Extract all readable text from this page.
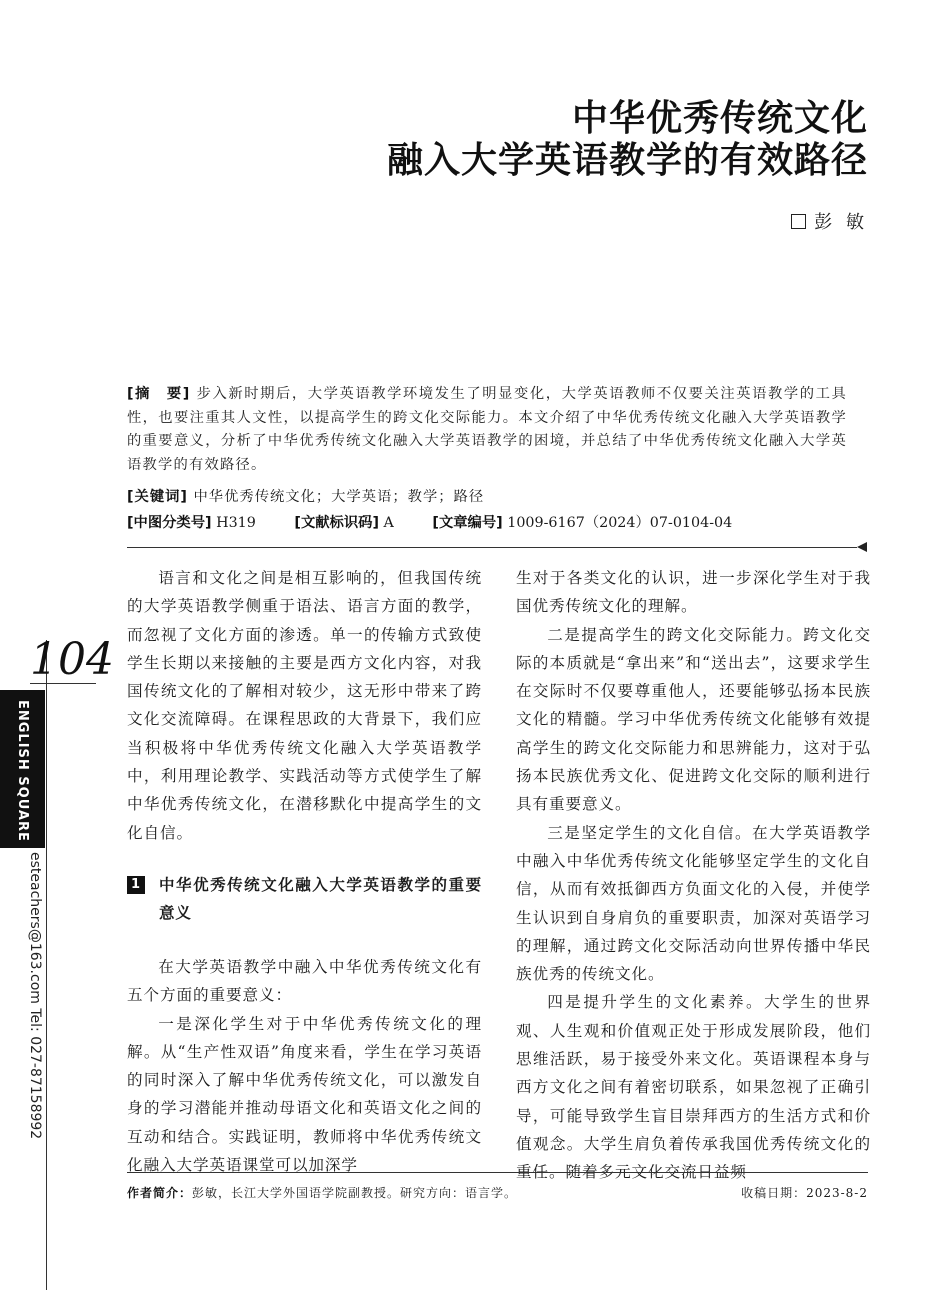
中华优秀传统文化
融入大学英语教学的有效路径
彭 敏
[摘　要] 步入新时期后，大学英语教学环境发生了明显变化，大学英语教师不仅要关注英语教学的工具性，也要注重其人文性，以提高学生的跨文化交际能力。本文介绍了中华优秀传统文化融入大学英语教学的重要意义，分析了中华优秀传统文化融入大学英语教学的困境，并总结了中华优秀传统文化融入大学英语教学的有效路径。
[关键词] 中华优秀传统文化；大学英语；教学；路径
[中图分类号] H319	[文献标识码] A	[文章编号] 1009-6167（2024）07-0104-04
104
ENGLISH SQUARE
esteachers@163.com Tel: 027-87158992

语言和文化之间是相互影响的，但我国传统的大学英语教学侧重于语法、语言方面的教学，而忽视了文化方面的渗透。单一的传输方式致使学生长期以来接触的主要是西方文化内容，对我国传统文化的了解相对较少，这无形中带来了跨文化交流障碍。在课程思政的大背景下，我们应当积极将中华优秀传统文化融入大学英语教学中，利用理论教学、实践活动等方式使学生了解中华优秀传统文化，在潜移默化中提高学生的文化自信。

1 中华优秀传统文化融入大学英语教学的重要意义

在大学英语教学中融入中华优秀传统文化有五个方面的重要意义：

一是深化学生对于中华优秀传统文化的理解。从“生产性双语”角度来看，学生在学习英语的同时深入了解中华优秀传统文化，可以激发自身的学习潜能并推动母语文化和英语文化之间的互动和结合。实践证明，教师将中华优秀传统文化融入大学英语课堂可以加深学

生对于各类文化的认识，进一步深化学生对于我国优秀传统文化的理解。

二是提高学生的跨文化交际能力。跨文化交际的本质就是“拿出来”和“送出去”，这要求学生在交际时不仅要尊重他人，还要能够弘扬本民族文化的精髓。学习中华优秀传统文化能够有效提高学生的跨文化交际能力和思辨能力，这对于弘扬本民族优秀文化、促进跨文化交际的顺利进行具有重要意义。

三是坚定学生的文化自信。在大学英语教学中融入中华优秀传统文化能够坚定学生的文化自信，从而有效抵御西方负面文化的入侵，并使学生认识到自身肩负的重要职责，加深对英语学习的理解，通过跨文化交际活动向世界传播中华民族优秀的传统文化。

四是提升学生的文化素养。大学生的世界观、人生观和价值观正处于形成发展阶段，他们思维活跃，易于接受外来文化。英语课程本身与西方文化之间有着密切联系，如果忽视了正确引导，可能导致学生盲目崇拜西方的生活方式和价值观念。大学生肩负着传承我国优秀传统文化的重任。随着多元文化交流日益频

作者简介：彭敏，长江大学外国语学院副教授。研究方向：语言学。	收稿日期：2023-8-2
